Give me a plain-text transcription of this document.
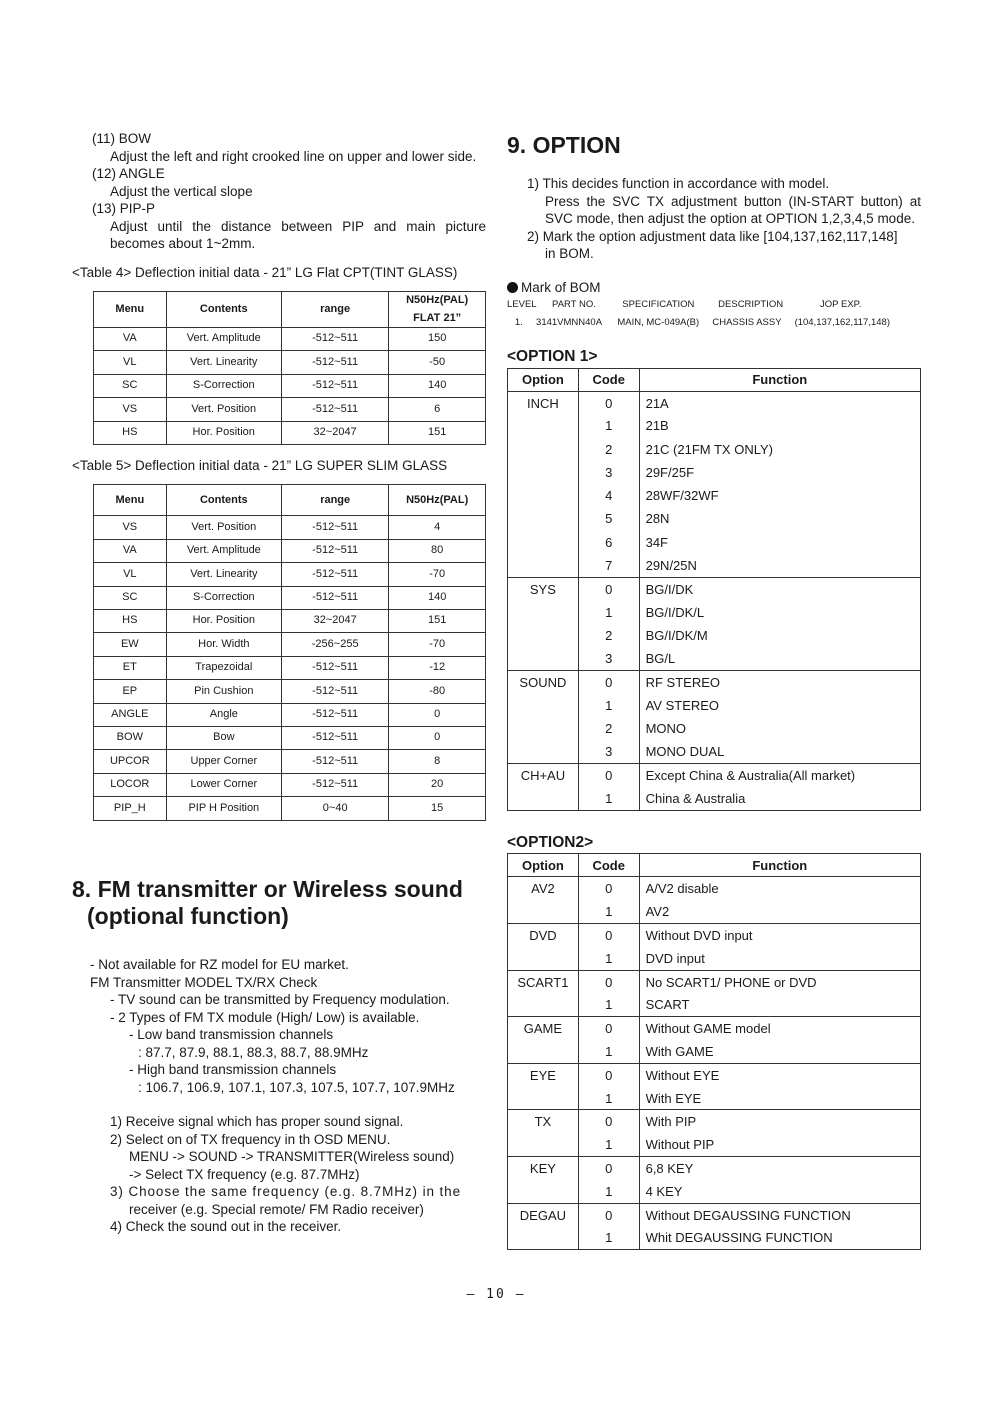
(11) BOW
Adjust the left and right crooked line on upper and lower side.
(12) ANGLE
Adjust the vertical slope
(13) PIP-P
Adjust until the distance between PIP and main picture becomes about 1~2mm.
<Table 4> Deflection initial data - 21” LG Flat CPT(TINT GLASS)
Menu	Contents	range	N50Hz(PAL)
FLAT 21”
VA	Vert. Amplitude	-512~511	150
VL	Vert. Linearity	-512~511	-50
SC	S-Correction	-512~511	140
VS	Vert. Position	-512~511	6
HS	Hor. Position	32~2047	151
<Table 5> Deflection initial data - 21” LG SUPER SLIM GLASS
Menu	Contents	range	N50Hz(PAL)
VS	Vert. Position	-512~511	4
VA	Vert. Amplitude	-512~511	80
VL	Vert. Linearity	-512~511	-70
SC	S-Correction	-512~511	140
HS	Hor. Position	32~2047	151
EW	Hor. Width	-256~255	-70
ET	Trapezoidal	-512~511	-12
EP	Pin Cushion	-512~511	-80
ANGLE	Angle	-512~511	0
BOW	Bow	-512~511	0
UPCOR	Upper Corner	-512~511	8
LOCOR	Lower Corner	-512~511	20
PIP_H	PIP H Position	0~40	15
8. FM transmitter or Wireless sound
(optional function)
- Not available for RZ model for EU market.
FM Transmitter MODEL TX/RX Check
- TV sound can be transmitted by Frequency modulation.
- 2 Types of FM TX module (High/ Low) is available.
- Low band transmission channels
: 87.7, 87.9, 88.1, 88.3, 88.7, 88.9MHz
- High band transmission channels
: 106.7, 106.9, 107.1, 107.3, 107.5, 107.7, 107.9MHz
1) Receive signal which has proper sound signal.
2) Select on of TX frequency in th OSD MENU.
MENU -> SOUND -> TRANSMITTER(Wireless sound)
-> Select TX frequency (e.g. 87.7MHz)
3) Choose the same frequency (e.g. 8.7MHz) in the
receiver (e.g. Special remote/ FM Radio receiver)
4) Check the sound out in the receiver.
9. OPTION
1) This decides function in accordance with model.
Press the SVC TX adjustment button (IN-START button) at SVC mode, then adjust the option at OPTION 1,2,3,4,5 mode.
2) Mark the option adjustment data like [104,137,162,117,148]
in BOM.
Mark of BOM
LEVEL      PART NO.          SPECIFICATION         DESCRIPTION              JOP EXP.
1.     3141VMNN40A      MAIN, MC-049A(B)     CHASSIS ASSY     (104,137,162,117,148)
<OPTION 1>
Option	Code	Function
INCH	0	21A
	1	21B
	2	21C (21FM TX ONLY)
	3	29F/25F
	4	28WF/32WF
	5	28N
	6	34F
	7	29N/25N
SYS	0	BG/I/DK
	1	BG/I/DK/L
	2	BG/I/DK/M
	3	BG/L
SOUND	0	RF STEREO
	1	AV STEREO
	2	MONO
	3	MONO DUAL
CH+AU	0	Except China & Australia(All market)
	1	China & Australia
<OPTION2>
Option	Code	Function
AV2	0	A/V2 disable
	1	AV2
DVD	0	Without DVD input
	1	DVD input
SCART1	0	No SCART1/ PHONE or DVD
	1	SCART
GAME	0	Without GAME model
	1	With GAME
EYE	0	Without EYE
	1	With EYE
TX	0	With PIP
	1	Without PIP
KEY	0	6,8 KEY
	1	4 KEY
DEGAU	0	Without DEGAUSSING FUNCTION
	1	Whit DEGAUSSING FUNCTION
– 10 –
